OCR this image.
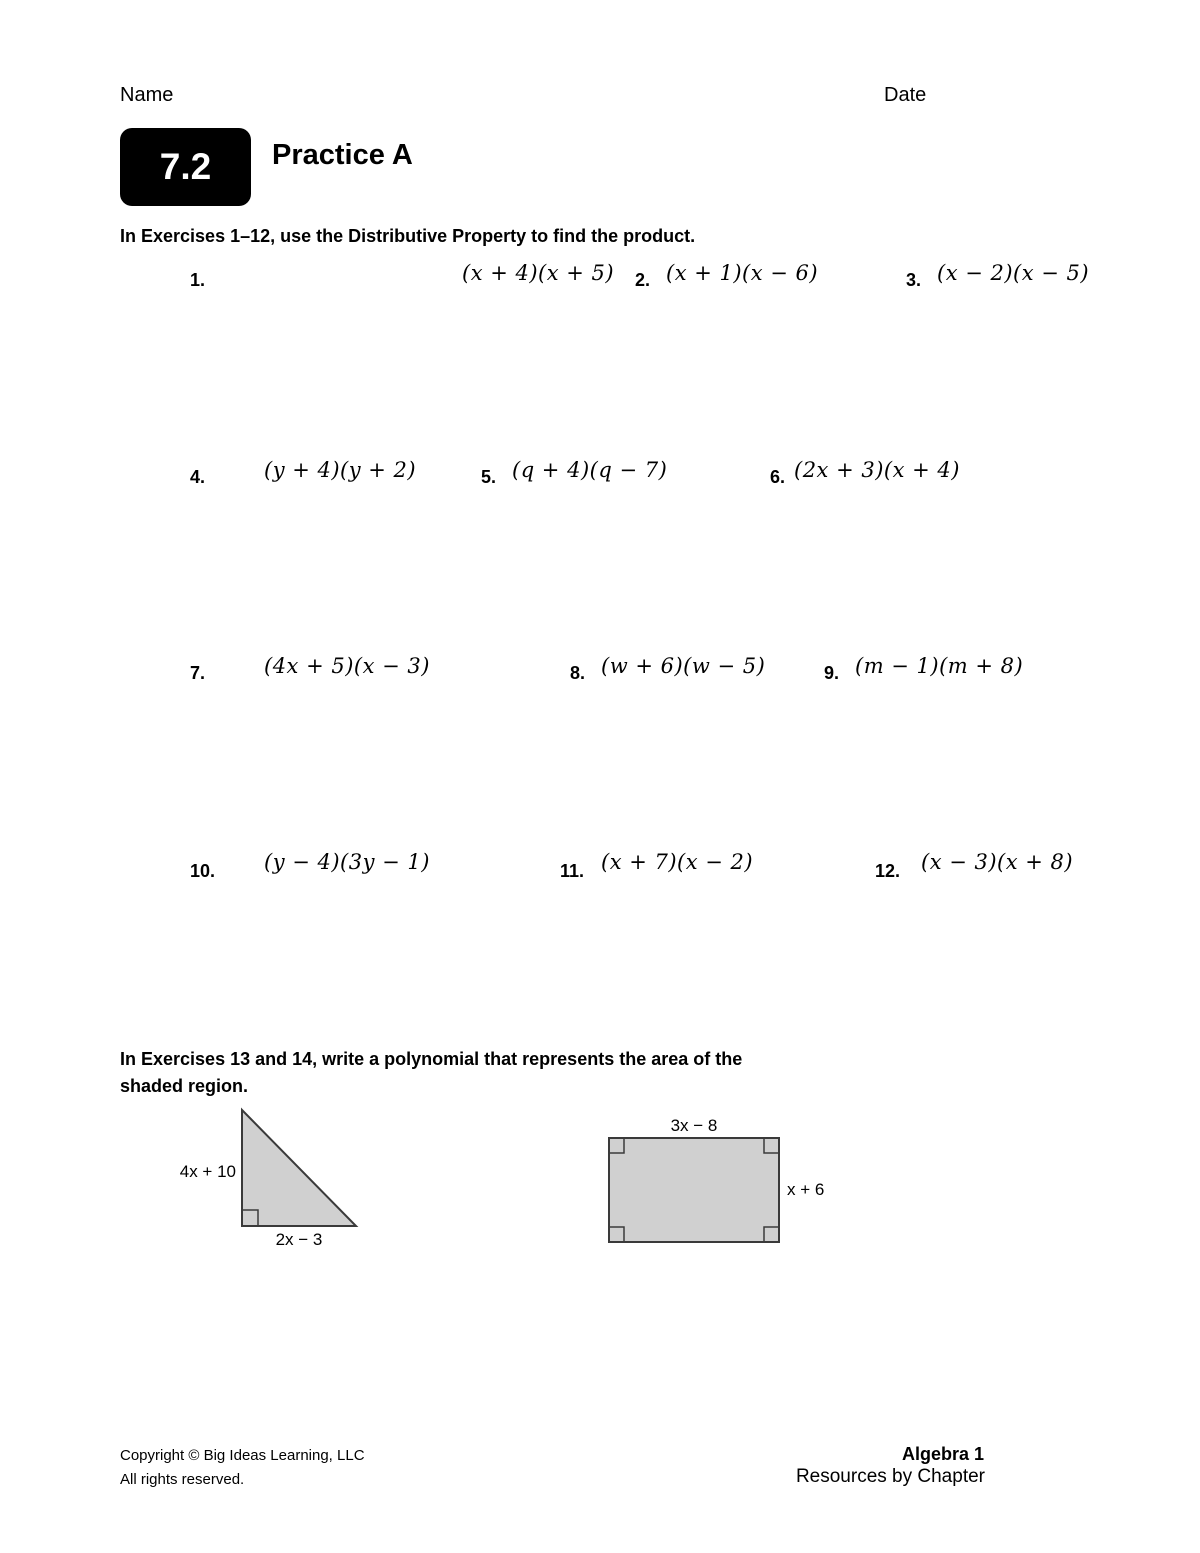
Name	Date
7.2 Practice A
In Exercises 1–12, use the Distributive Property to find the product.
1.	(x + 4)(x + 5) 2. (x + 1)(x − 6)	3. (x − 2)(x − 5)
4.	(y + 4)(y + 2)	5. (q + 4)(q − 7)	6. (2x + 3)(x + 4)
7.	(4x + 5)(x − 3)	8. (w + 6)(w − 5)	9. (m − 1)(m + 8)
10. (y − 4)(3y − 1)	11. (x + 7)(x − 2)	12. (x − 3)(x + 8)
In Exercises 13 and 14, write a polynomial that represents the area of the
shaded region.
4x + 10
2x − 3
3x − 8
x + 6
Copyright © Big Ideas Learning, LLC
All rights reserved.
Algebra 1
Resources by Chapter
